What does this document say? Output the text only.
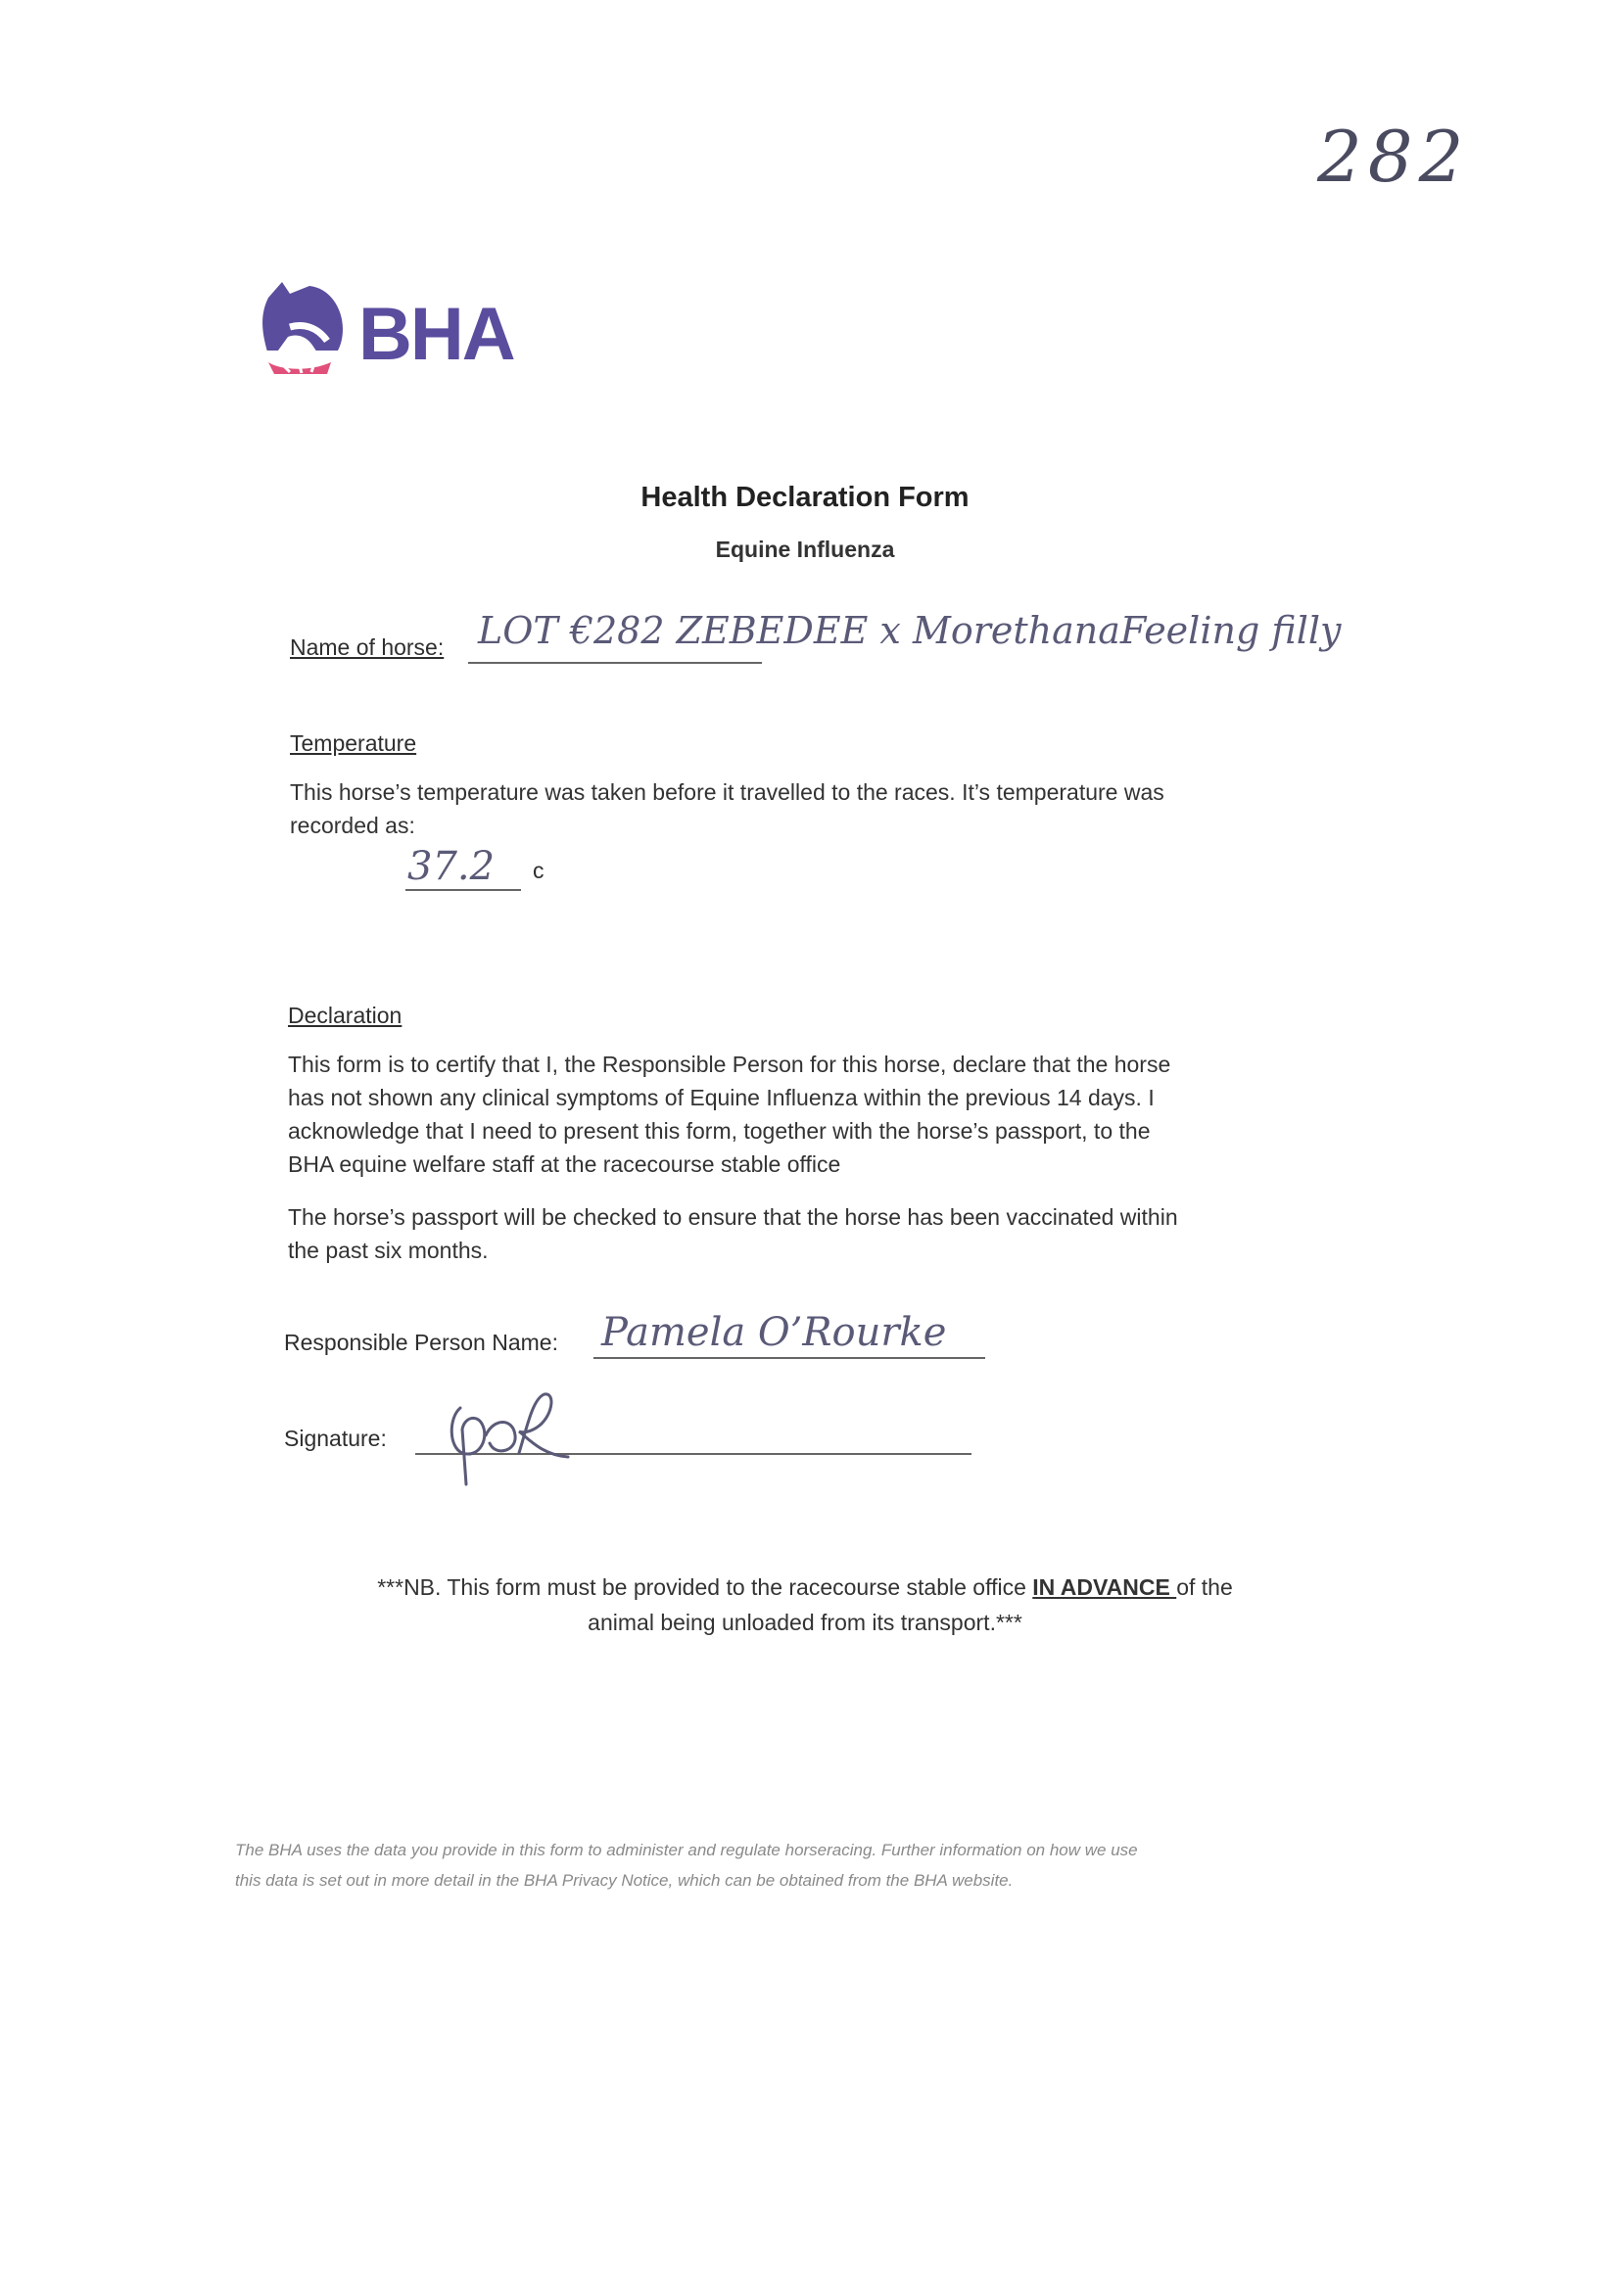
282
BHA
Health Declaration Form
Equine Influenza
Name of horse: LOT €282 ZEBEDEE x MorethanaFeeling filly
Temperature
This horse’s temperature was taken before it travelled to the races. It’s temperature was
recorded as:
37.2 c
Declaration
This form is to certify that I, the Responsible Person for this horse, declare that the horse
has not shown any clinical symptoms of Equine Influenza within the previous 14 days. I
acknowledge that I need to present this form, together with the horse’s passport, to the
BHA equine welfare staff at the racecourse stable office
The horse’s passport will be checked to ensure that the horse has been vaccinated within
the past six months.
Responsible Person Name: Pamela O’Rourke
Signature:
***NB. This form must be provided to the racecourse stable office IN ADVANCE of the
animal being unloaded from its transport.***
The BHA uses the data you provide in this form to administer and regulate horseracing. Further information on how we use
this data is set out in more detail in the BHA Privacy Notice, which can be obtained from the BHA website.
